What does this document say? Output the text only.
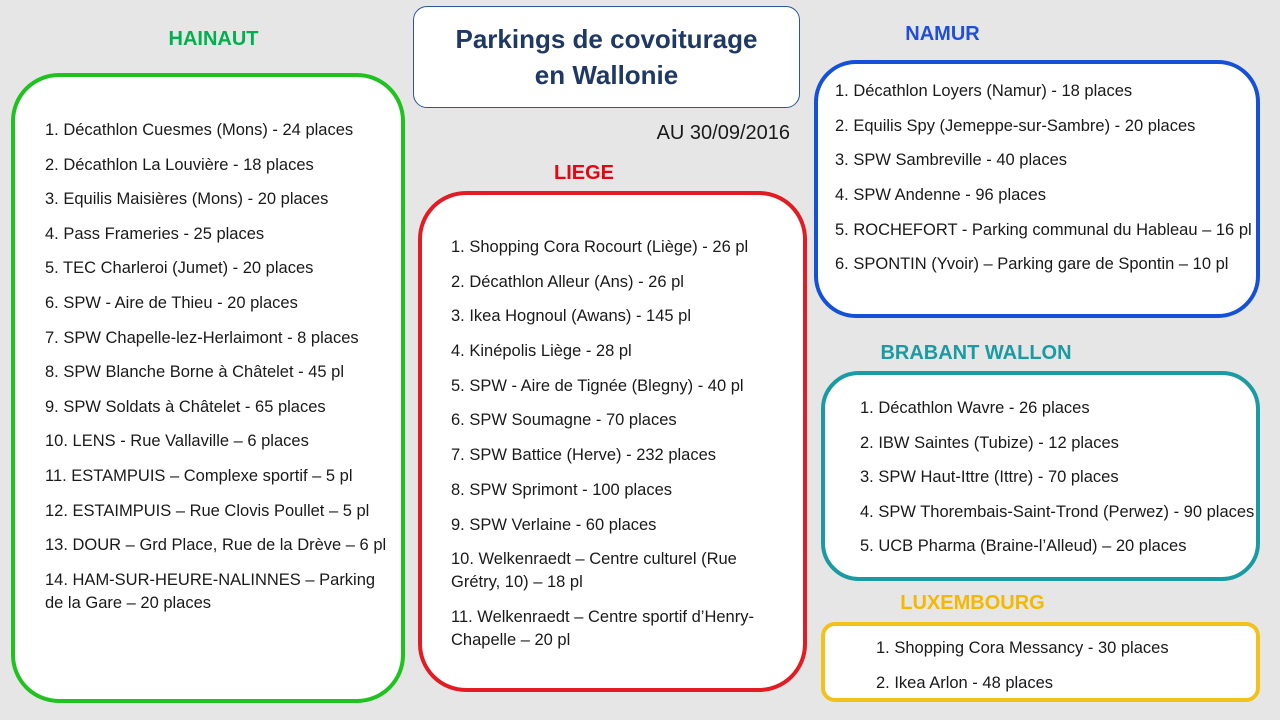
Parkings de covoiturage
en Wallonie
AU 30/09/2016
HAINAUT
1. Décathlon Cuesmes (Mons) - 24 places
2. Décathlon La Louvière - 18 places
3. Equilis Maisières (Mons) - 20 places
4. Pass Frameries - 25 places
5. TEC Charleroi (Jumet) - 20 places
6. SPW - Aire de Thieu - 20 places
7. SPW Chapelle-lez-Herlaimont - 8 places
8. SPW Blanche Borne à Châtelet - 45 pl
9. SPW Soldats à Châtelet - 65 places
10. LENS - Rue Vallaville – 6 places
11. ESTAMPUIS – Complexe sportif – 5 pl
12. ESTAIMPUIS – Rue Clovis Poullet – 5 pl
13. DOUR – Grd Place, Rue de la Drève – 6 pl
14. HAM-SUR-HEURE-NALINNES – Parking de la Gare – 20 places
LIEGE
1. Shopping Cora Rocourt (Liège) - 26 pl
2. Décathlon Alleur (Ans) - 26 pl
3. Ikea Hognoul (Awans) - 145 pl
4. Kinépolis Liège - 28 pl
5. SPW - Aire de Tignée (Blegny) - 40 pl
6. SPW Soumagne - 70 places
7. SPW Battice (Herve) - 232 places
8. SPW Sprimont - 100 places
9. SPW Verlaine - 60 places
10. Welkenraedt – Centre culturel (Rue Grétry, 10) – 18 pl
11. Welkenraedt – Centre sportif d’Henry-Chapelle – 20 pl
NAMUR
1. Décathlon Loyers (Namur) - 18 places
2. Equilis Spy (Jemeppe-sur-Sambre) - 20 places
3. SPW Sambreville - 40 places
4. SPW Andenne - 96 places
5. ROCHEFORT - Parking communal du Hableau – 16 pl
6. SPONTIN (Yvoir) – Parking gare de Spontin – 10 pl
BRABANT WALLON
1. Décathlon Wavre - 26 places
2. IBW Saintes (Tubize) - 12 places
3. SPW Haut-Ittre (Ittre) - 70 places
4. SPW Thorembais-Saint-Trond (Perwez) - 90 places
5. UCB Pharma (Braine-l’Alleud) – 20 places
LUXEMBOURG
1. Shopping Cora Messancy - 30 places
2. Ikea Arlon - 48 places
